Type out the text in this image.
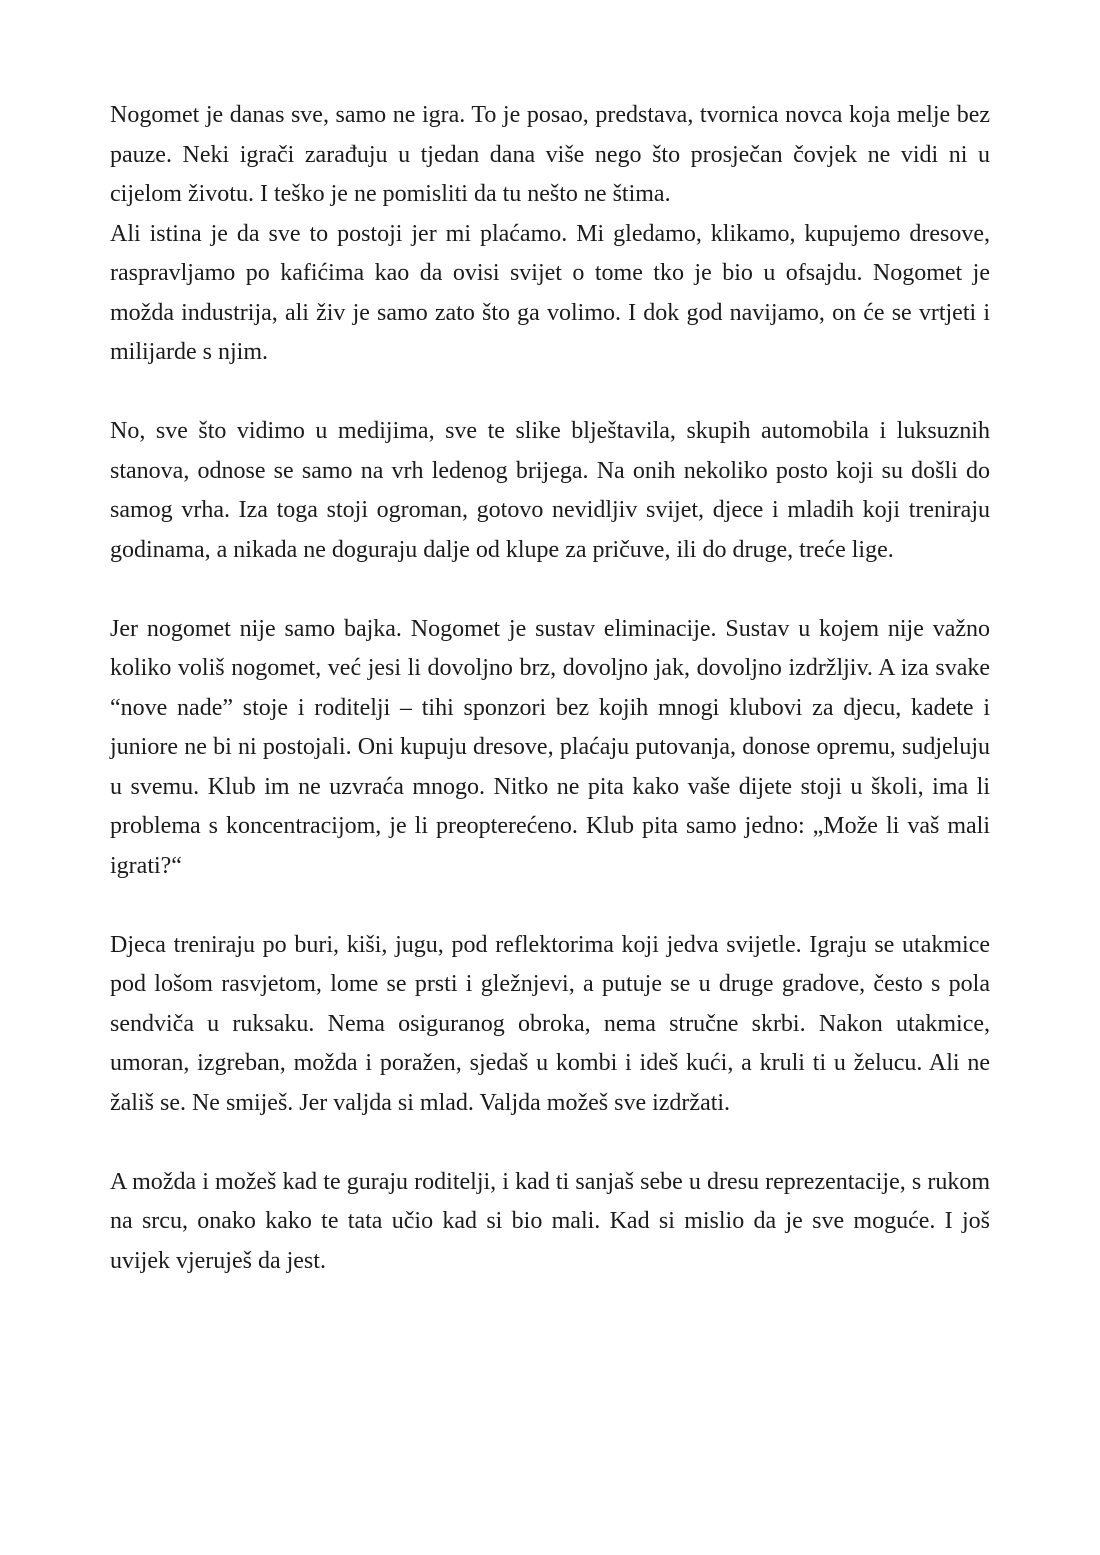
Nogomet je danas sve, samo ne igra. To je posao, predstava, tvornica novca koja melje bez pauze. Neki igrači zarađuju u tjedan dana više nego što prosječan čovjek ne vidi ni u cijelom životu. I teško je ne pomisliti da tu nešto ne štima.

Ali istina je da sve to postoji jer mi plaćamo. Mi gledamo, klikamo, kupujemo dresove, raspravljamo po kafićima kao da ovisi svijet o tome tko je bio u ofsajdu. Nogomet je možda industrija, ali živ je samo zato što ga volimo. I dok god navijamo, on će se vrtjeti i milijarde s njim.

No, sve što vidimo u medijima, sve te slike blještavila, skupih automobila i luksuznih stanova, odnose se samo na vrh ledenog brijega. Na onih nekoliko posto koji su došli do samog vrha. Iza toga stoji ogroman, gotovo nevidljiv svijet, djece i mladih koji treniraju godinama, a nikada ne doguraju dalje od klupe za pričuve, ili do druge, treće lige.

Jer nogomet nije samo bajka. Nogomet je sustav eliminacije. Sustav u kojem nije važno koliko voliš nogomet, već jesi li dovoljno brz, dovoljno jak, dovoljno izdržljiv. A iza svake “nove nade” stoje i roditelji – tihi sponzori bez kojih mnogi klubovi za djecu, kadete i juniore ne bi ni postojali. Oni kupuju dresove, plaćaju putovanja, donose opremu, sudjeluju u svemu. Klub im ne uzvraća mnogo. Nitko ne pita kako vaše dijete stoji u školi, ima li problema s koncentracijom, je li preopterećeno. Klub pita samo jedno: „Može li vaš mali igrati?“

Djeca treniraju po buri, kiši, jugu, pod reflektorima koji jedva svijetle. Igraju se utakmice pod lošom rasvjetom, lome se prsti i gležnjevi, a putuje se u druge gradove, često s pola sendviča u ruksaku. Nema osiguranog obroka, nema stručne skrbi. Nakon utakmice, umoran, izgreban, možda i poražen, sjedaš u kombi i ideš kući, a kruli ti u želucu. Ali ne žališ se. Ne smiješ. Jer valjda si mlad. Valjda možeš sve izdržati.

A možda i možeš kad te guraju roditelji, i kad ti sanjaš sebe u dresu reprezentacije, s rukom na srcu, onako kako te tata učio kad si bio mali. Kad si mislio da je sve moguće. I još uvijek vjeruješ da jest.
